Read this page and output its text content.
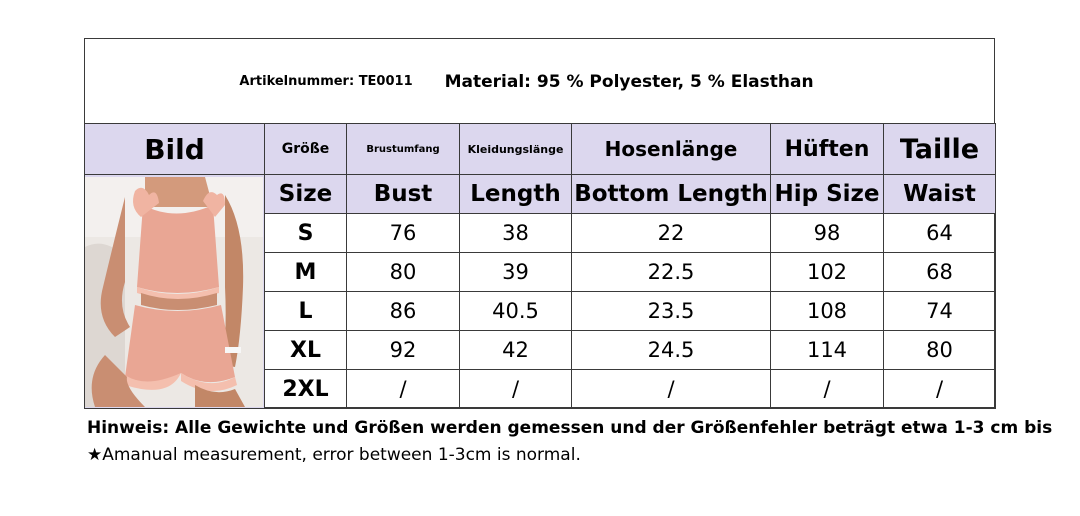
Artikelnummer: TE0011 Material: 95 % Polyester, 5 % Elasthan
Bild	Größe	Brustumfang	Kleidungslänge	Hosenlänge	Hüften	Taille

	Size	Bust	Length	Bottom Length	Hip Size	Waist
	S	76	38	22	98	64
	M	80	39	22.5	102	68
	L	86	40.5	23.5	108	74
	XL	92	42	24.5	114	80
	2XL	/	/	/	/	/
Hinweis: Alle Gewichte und Größen werden gemessen und der Größenfehler beträgt etwa 1-3 cm bis
★Amanual measurement, error between 1-3cm is normal.
